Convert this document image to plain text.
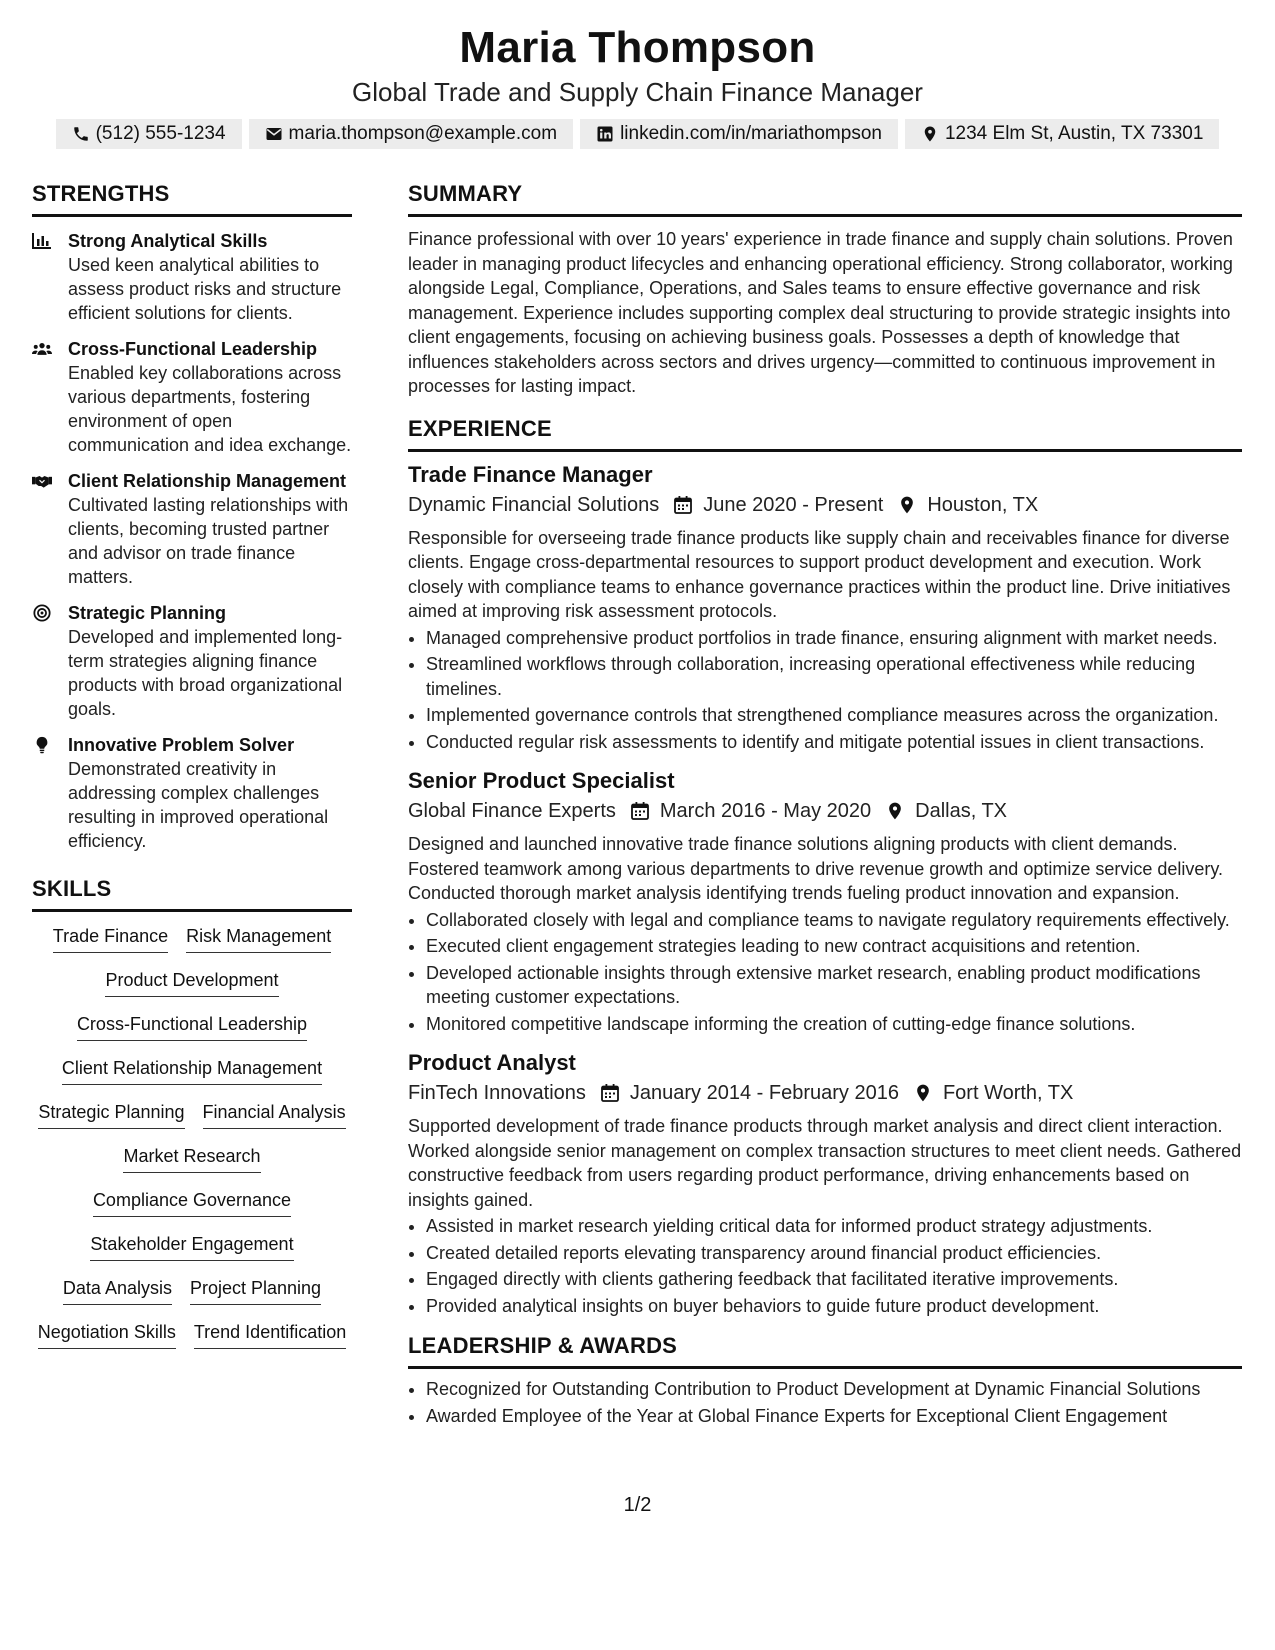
Maria Thompson
Global Trade and Supply Chain Finance Manager
(512) 555-1234	maria.thompson@example.com	linkedin.com/in/mariathompson	1234 Elm St, Austin, TX 73301
STRENGTHS
Strong Analytical Skills
Used keen analytical abilities to assess product risks and structure efficient solutions for clients.
Cross-Functional Leadership
Enabled key collaborations across various departments, fostering environment of open communication and idea exchange.
Client Relationship Management
Cultivated lasting relationships with clients, becoming trusted partner and advisor on trade finance matters.
Strategic Planning
Developed and implemented long-term strategies aligning finance products with broad organizational goals.
Innovative Problem Solver
Demonstrated creativity in addressing complex challenges resulting in improved operational efficiency.
SKILLS
Trade Finance Risk Management
Product Development
Cross-Functional Leadership
Client Relationship Management
Strategic Planning Financial Analysis
Market Research
Compliance Governance
Stakeholder Engagement
Data Analysis Project Planning
Negotiation Skills Trend Identification
SUMMARY

Finance professional with over 10 years' experience in trade finance and supply chain solutions. Proven leader in managing product lifecycles and enhancing operational efficiency. Strong collaborator, working alongside Legal, Compliance, Operations, and Sales teams to ensure effective governance and risk management. Experience includes supporting complex deal structuring to provide strategic insights into client engagements, focusing on achieving business goals. Possesses a depth of knowledge that influences stakeholders across sectors and drives urgency—committed to continuous improvement in processes for lasting impact.

EXPERIENCE
Trade Finance Manager
Dynamic Financial Solutions June 2020 - Present Houston, TX
Responsible for overseeing trade finance products like supply chain and receivables finance for diverse clients. Engage cross-departmental resources to support product development and execution. Work closely with compliance teams to enhance governance practices within the product line. Drive initiatives aimed at improving risk assessment protocols.
• Managed comprehensive product portfolios in trade finance, ensuring alignment with market needs.
• Streamlined workflows through collaboration, increasing operational effectiveness while reducing timelines.
• Implemented governance controls that strengthened compliance measures across the organization.
• Conducted regular risk assessments to identify and mitigate potential issues in client transactions.
Senior Product Specialist
Global Finance Experts March 2016 - May 2020 Dallas, TX
Designed and launched innovative trade finance solutions aligning products with client demands. Fostered teamwork among various departments to drive revenue growth and optimize service delivery. Conducted thorough market analysis identifying trends fueling product innovation and expansion.
• Collaborated closely with legal and compliance teams to navigate regulatory requirements effectively.
• Executed client engagement strategies leading to new contract acquisitions and retention.
• Developed actionable insights through extensive market research, enabling product modifications meeting customer expectations.
• Monitored competitive landscape informing the creation of cutting-edge finance solutions.
Product Analyst
FinTech Innovations January 2014 - February 2016 Fort Worth, TX
Supported development of trade finance products through market analysis and direct client interaction. Worked alongside senior management on complex transaction structures to meet client needs. Gathered constructive feedback from users regarding product performance, driving enhancements based on insights gained.
• Assisted in market research yielding critical data for informed product strategy adjustments.
• Created detailed reports elevating transparency around financial product efficiencies.
• Engaged directly with clients gathering feedback that facilitated iterative improvements.
• Provided analytical insights on buyer behaviors to guide future product development.
LEADERSHIP & AWARDS
• Recognized for Outstanding Contribution to Product Development at Dynamic Financial Solutions
• Awarded Employee of the Year at Global Finance Experts for Exceptional Client Engagement
1/2
